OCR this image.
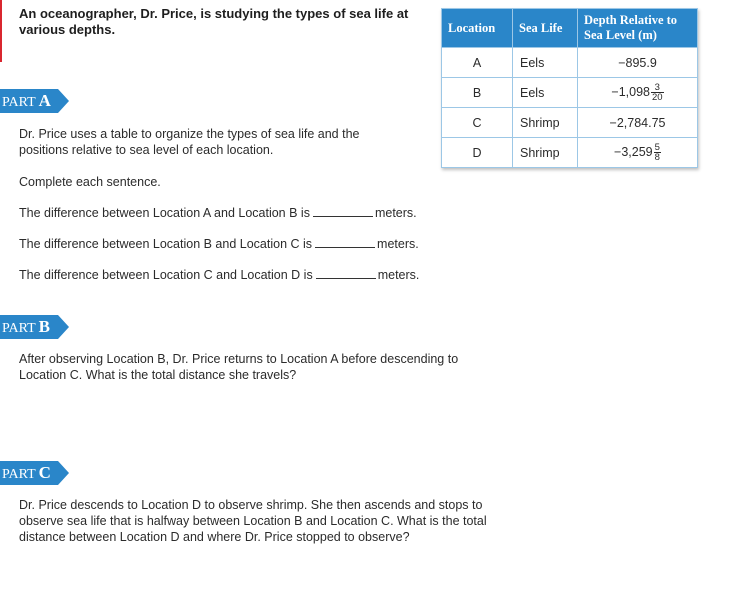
An oceanographer, Dr. Price, is studying the types of sea life at various depths.	Location	Sea Life	Depth Relative to Sea Level (m)
A	Eels	−895.9
B	Eels	$-1,098 \frac{3}{20}$

C	Shrimp	−2,784.75
D	Shrimp	$-3,259 \frac{5}{8}$
PART A
Dr. Price uses a table to organize the types of sea life and the positions relative to sea level of each location.
Complete each sentence.
The difference between Location A and Location B is	meters.
The difference between Location B and Location C is	meters.
The difference between Location C and Location D is	meters.
PART B
After observing Location B, Dr. Price returns to Location A before descending to Location C. What is the total distance she travels?
PART C
Dr. Price descends to Location D to observe shrimp. She then ascends and stops to observe sea life that is halfway between Location B and Location C. What is the total distance between Location D and where Dr. Price stopped to observe?
